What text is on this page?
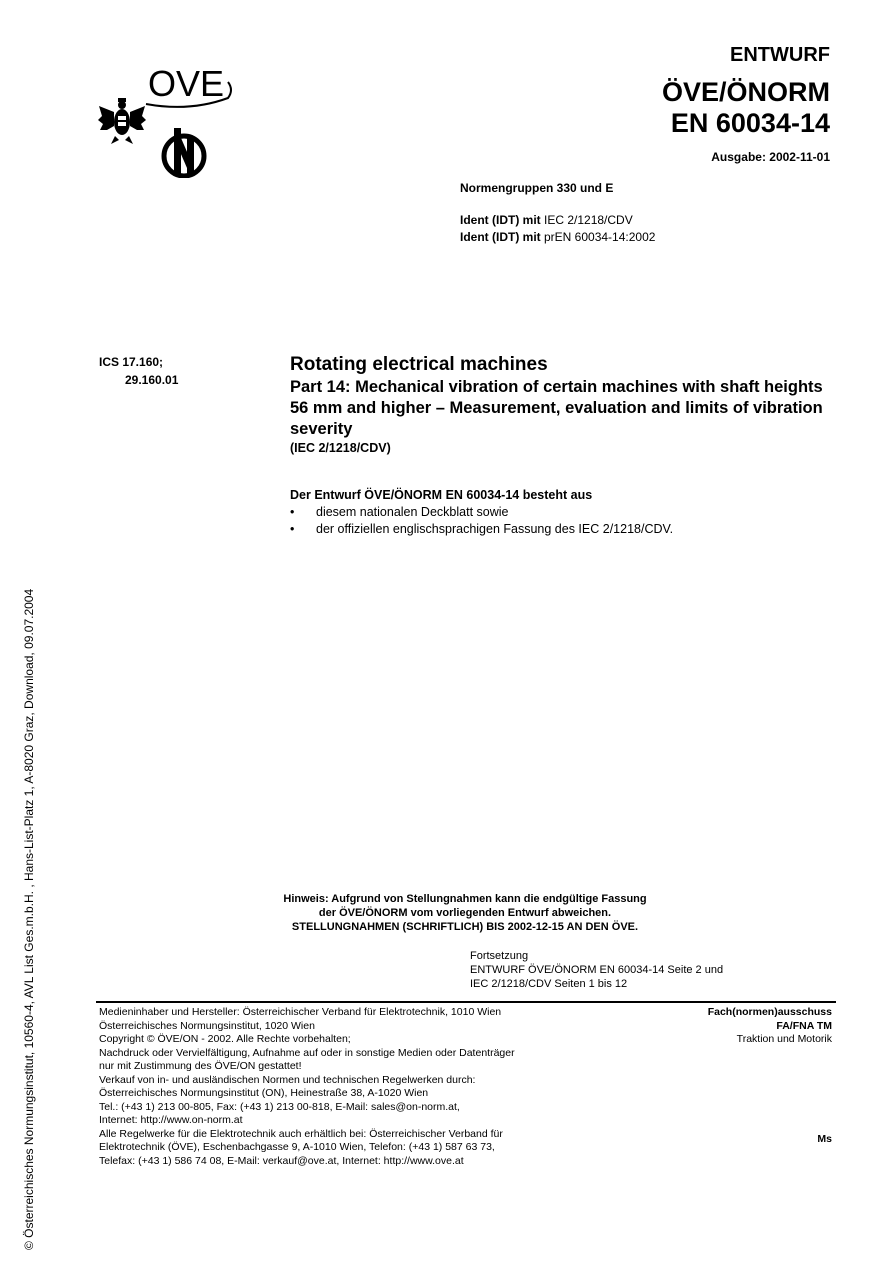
OVE
ENTWURF
ÖVE/ÖNORM
EN 60034-14
Ausgabe: 2002-11-01
Normengruppen 330 und E
Ident (IDT) mit IEC 2/1218/CDV
Ident (IDT) mit prEN 60034-14:2002
ICS 17.160;
29.160.01
Rotating electrical machines
Part 14: Mechanical vibration of certain machines with shaft heights 56 mm and higher – Measurement, evaluation and limits of vibration severity
(IEC 2/1218/CDV)
Der Entwurf ÖVE/ÖNORM EN 60034-14 besteht aus
•	diesem nationalen Deckblatt sowie
•	der offiziellen englischsprachigen Fassung des IEC 2/1218/CDV.
Hinweis: Aufgrund von Stellungnahmen kann die endgültige Fassung
der ÖVE/ÖNORM vom vorliegenden Entwurf abweichen.
STELLUNGNAHMEN (SCHRIFTLICH) BIS 2002-12-15 AN DEN ÖVE.
Fortsetzung
ENTWURF ÖVE/ÖNORM EN 60034-14 Seite 2 und
IEC 2/1218/CDV Seiten 1 bis 12
Medieninhaber und Hersteller: Österreichischer Verband für Elektrotechnik, 1010 Wien
Österreichisches Normungsinstitut, 1020 Wien
Copyright © ÖVE/ON - 2002. Alle Rechte vorbehalten;
Nachdruck oder Vervielfältigung, Aufnahme auf oder in sonstige Medien oder Datenträger
nur mit Zustimmung des ÖVE/ON gestattet!
Verkauf von in- und ausländischen Normen und technischen Regelwerken durch:
Österreichisches Normungsinstitut (ON), Heinestraße 38, A-1020 Wien
Tel.: (+43 1) 213 00-805, Fax: (+43 1) 213 00-818, E-Mail: sales@on-norm.at,
Internet: http://www.on-norm.at
Alle Regelwerke für die Elektrotechnik auch erhältlich bei: Österreichischer Verband für
Elektrotechnik (ÖVE), Eschenbachgasse 9, A-1010 Wien, Telefon: (+43 1) 587 63 73,
Telefax: (+43 1) 586 74 08, E-Mail: verkauf@ove.at, Internet: http://www.ove.at
Fach(normen)ausschuss
FA/FNA TM
Traktion und Motorik
Ms
© Österreichisches Normungsinstitut, 10560-4, AVL List Ges.m.b.H. , Hans-List-Platz 1, A-8020 Graz, Download, 09.07.2004
